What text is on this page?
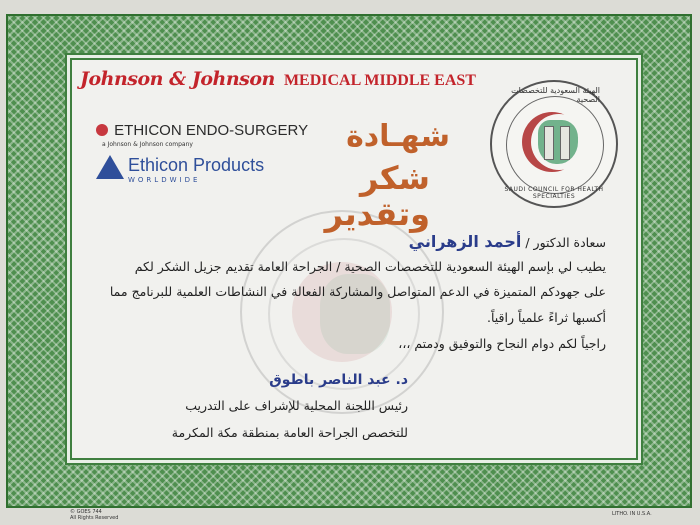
Johnson & Johnson MEDICAL MIDDLE EAST
ETHICON ENDO-SURGERY
a Johnson & Johnson company
Ethicon Products
WORLDWIDE
شهـادة
شكر وتقدير
الهيئة السعودية للتخصصات الصحية
SAUDI COUNCIL FOR HEALTH SPECIALTIES
سعادة الدكتور / أحمد الزهراني
يطيب لي بإسم الهيئة السعودية للتخصصات الصحية / الجراحة العامة تقديم جزيل الشكر لكم
على جهودكم المتميزة في الدعم المتواصل والمشاركة الفعالة في النشاطات العلمية للبرنامج مما
أكسبها ثراءً علمياً راقياً.
راجياً لكم دوام النجاح والتوفيق ودمتم ،،،
د. عبد الناصر باطوق
رئيس اللجنة المحلية للإشراف على التدريب
للتخصص الجراحة العامة بمنطقة مكة المكرمة
© GOES 744
All Rights Reserved
LITHO. IN U.S.A.
